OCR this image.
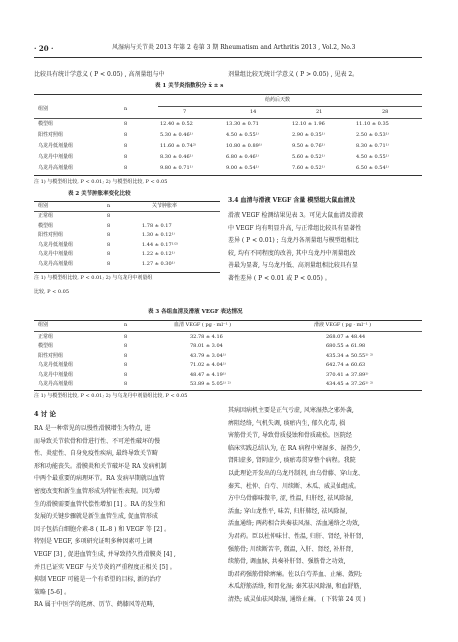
· 20 ·	风湿病与关节炎 2013 年第 2 卷第 3 期 Rheumatism and Arthritis 2013 , Vol.2, No.3
比较具有统计学意义 ( P < 0.05) , 高剂量组与中	剂量组比较无统计学意义 ( P > 0.05) , 见表 2。
表 1 关节炎指数积分 x̄ ± s
组别	n
给药后天数
7	14	21	28
模型组	8	12.40 ± 0.52	13.30 ± 0.71	12.10 ± 1.96	11.10 ± 0.35
阳性对照组	8	5.30 ± 0.46¹⁾	4.50 ± 0.55¹⁾	2.90 ± 0.35¹⁾	2.50 ± 0.53¹⁾
乌龙丹低剂量组	8	11.60 ± 0.74²⁾	10.80 ± 0.89¹⁾	9.50 ± 0.76¹⁾	8.30 ± 0.71¹⁾
乌龙丹中剂量组	8	8.30 ± 0.46¹⁾	6.80 ± 0.46¹⁾	5.60 ± 0.52¹⁾	4.50 ± 0.55¹⁾
乌龙丹高剂量组	8	9.80 ± 0.71¹⁾	9.00 ± 0.54¹⁾	7.60 ± 0.52¹⁾	6.50 ± 0.54¹⁾
注 1) 与模型组比较, P < 0.01; 2) 与模型组比较, P < 0.05
表 2 关节肿胀率变化比较
组别	n	关节肿胀率
正常组	8
模型组	8	1.78 ± 0.17
阳性对照组	8	1.30 ± 0.12¹⁾
乌龙丹低剂量组	8	1.44 ± 0.17¹⁾²⁾
乌龙丹中剂量组	8	1.22 ± 0.12¹⁾
乌龙丹高剂量组	8	1.27 ± 0.30¹⁾
注 1) 与模型组比较, P < 0.01; 2) 与乌龙丹中剂量组
比较, P < 0.05
3.4 血清与滑液 VEGF 含量 模型组大鼠血清及
滑液 VEGF 检测结果见表 3。可见大鼠血清及滑液
中 VEGF 均有明显升高, 与正常组比较具有显著性
差异 ( P < 0.01) ; 乌龙丹各剂量组与模型组相比
较, 均有不同程度的改善, 其中乌龙丹中剂量组改
善最为显著, 与乌龙丹低、高剂量组相比较具有显
著性差异 ( P < 0.01 或 P < 0.05) 。
表 3 各组血清及滑液 VEGF 表达情况
组别	n	血清 VEGF ( pg · ml⁻¹ )	滑液 VEGF ( pg · ml⁻¹ )
正常组	8	32.78 ± 4.16	268.07 ± 48.44
模型组	8	78.01 ± 3.04	680.55 ± 61.98
阳性对照组	8	43.79 ± 3.04¹⁾	435.34 ± 50.55¹⁾ ²⁾
乌龙丹低剂量组	8	71.02 ± 4.04¹⁾	642.74 ± 60.63
乌龙丹中剂量组	8	48.47 ± 4.19¹⁾	370.41 ± 37.89¹⁾
乌龙丹高剂量组	8	53.89 ± 5.05¹⁾ ²⁾	434.45 ± 37.26¹⁾ ²⁾
注 1) 与模型组比较, P < 0.01; 2) 与乌龙丹中剂量组比较, P < 0.05
4 讨 论
RA 是一种常见的以慢性滑膜增生为特点, 进
而导致关节软骨和骨进行性、不可逆性破坏的慢
性、炎症性、自身免疫性疾病, 最终导致关节畸
形和功能丧失。滑膜炎和关节破坏是 RA 发病机制
中两个最重要的病理环节。RA 发病早期就以血管
密度改变和新生血管形成为特征性表现。因为增
生的滑膜需要血管代偿性增加 [1] 。RA 的发生和
发展的关键步骤就是新生血管生成, 促血管形成
因子包括白细胞介素-8 ( IL-8 ) 和 VEGF 等 [2] 。
特别是 VEGF, 多项研究证明多种因素可上调
VEGF [3] , 促进血管生成, 并导致持久性滑膜炎 [4] ,
并且已证实 VEGF 与关节炎的严重程度正相关 [5] 。
抑制 VEGF 可能是一个有希望的目标, 新的治疗
策略 [5-6] 。
RA 属于中医学的尪痹、历节、鹤膝风等范畴,
其病因病机主要是正气亏虚, 风寒湿热之邪外袭,
痹阻经络, 气机失调, 痰瘀内生, 郁久化毒, 损
害筋骨关节, 导致骨质侵蚀和骨质疏松。医院经
临床实践总结认为, 在 RA 病程中寒湿多、湿热少,
肾阳虚多, 肾阴虚少, 痰瘀毒贯穿整个病程。我院
以此理论开发出的乌龙丹制剂, 由乌骨藤、穿山龙、
秦艽、杜仲、白芍、川续断、木瓜、威灵仙组成。
方中乌骨藤味微辛, 涩, 性温, 归肝经, 祛风除湿,
活血; 穿山龙性平, 味苦, 归肝肺经, 祛风除湿,
活血通络; 两药相合共奏祛风湿、活血通络之功效,
为君药。臣以杜仲味甘、性温, 归肝、肾经, 补肝肾,
强筋骨; 川续断苦辛, 微温, 入肝、肾经, 补肝肾,
续筋骨, 调血脉, 共奏补肝肾、强筋骨之功效,
助君药强筋骨除痹痛。佐以白芍养血、止痛、敛阴;
木瓜舒筋活络, 和胃化湿; 秦艽祛风除湿, 和血舒筋,
清热; 威灵仙祛风除湿, 通络止痛。 ( 下转第 24 页 )
